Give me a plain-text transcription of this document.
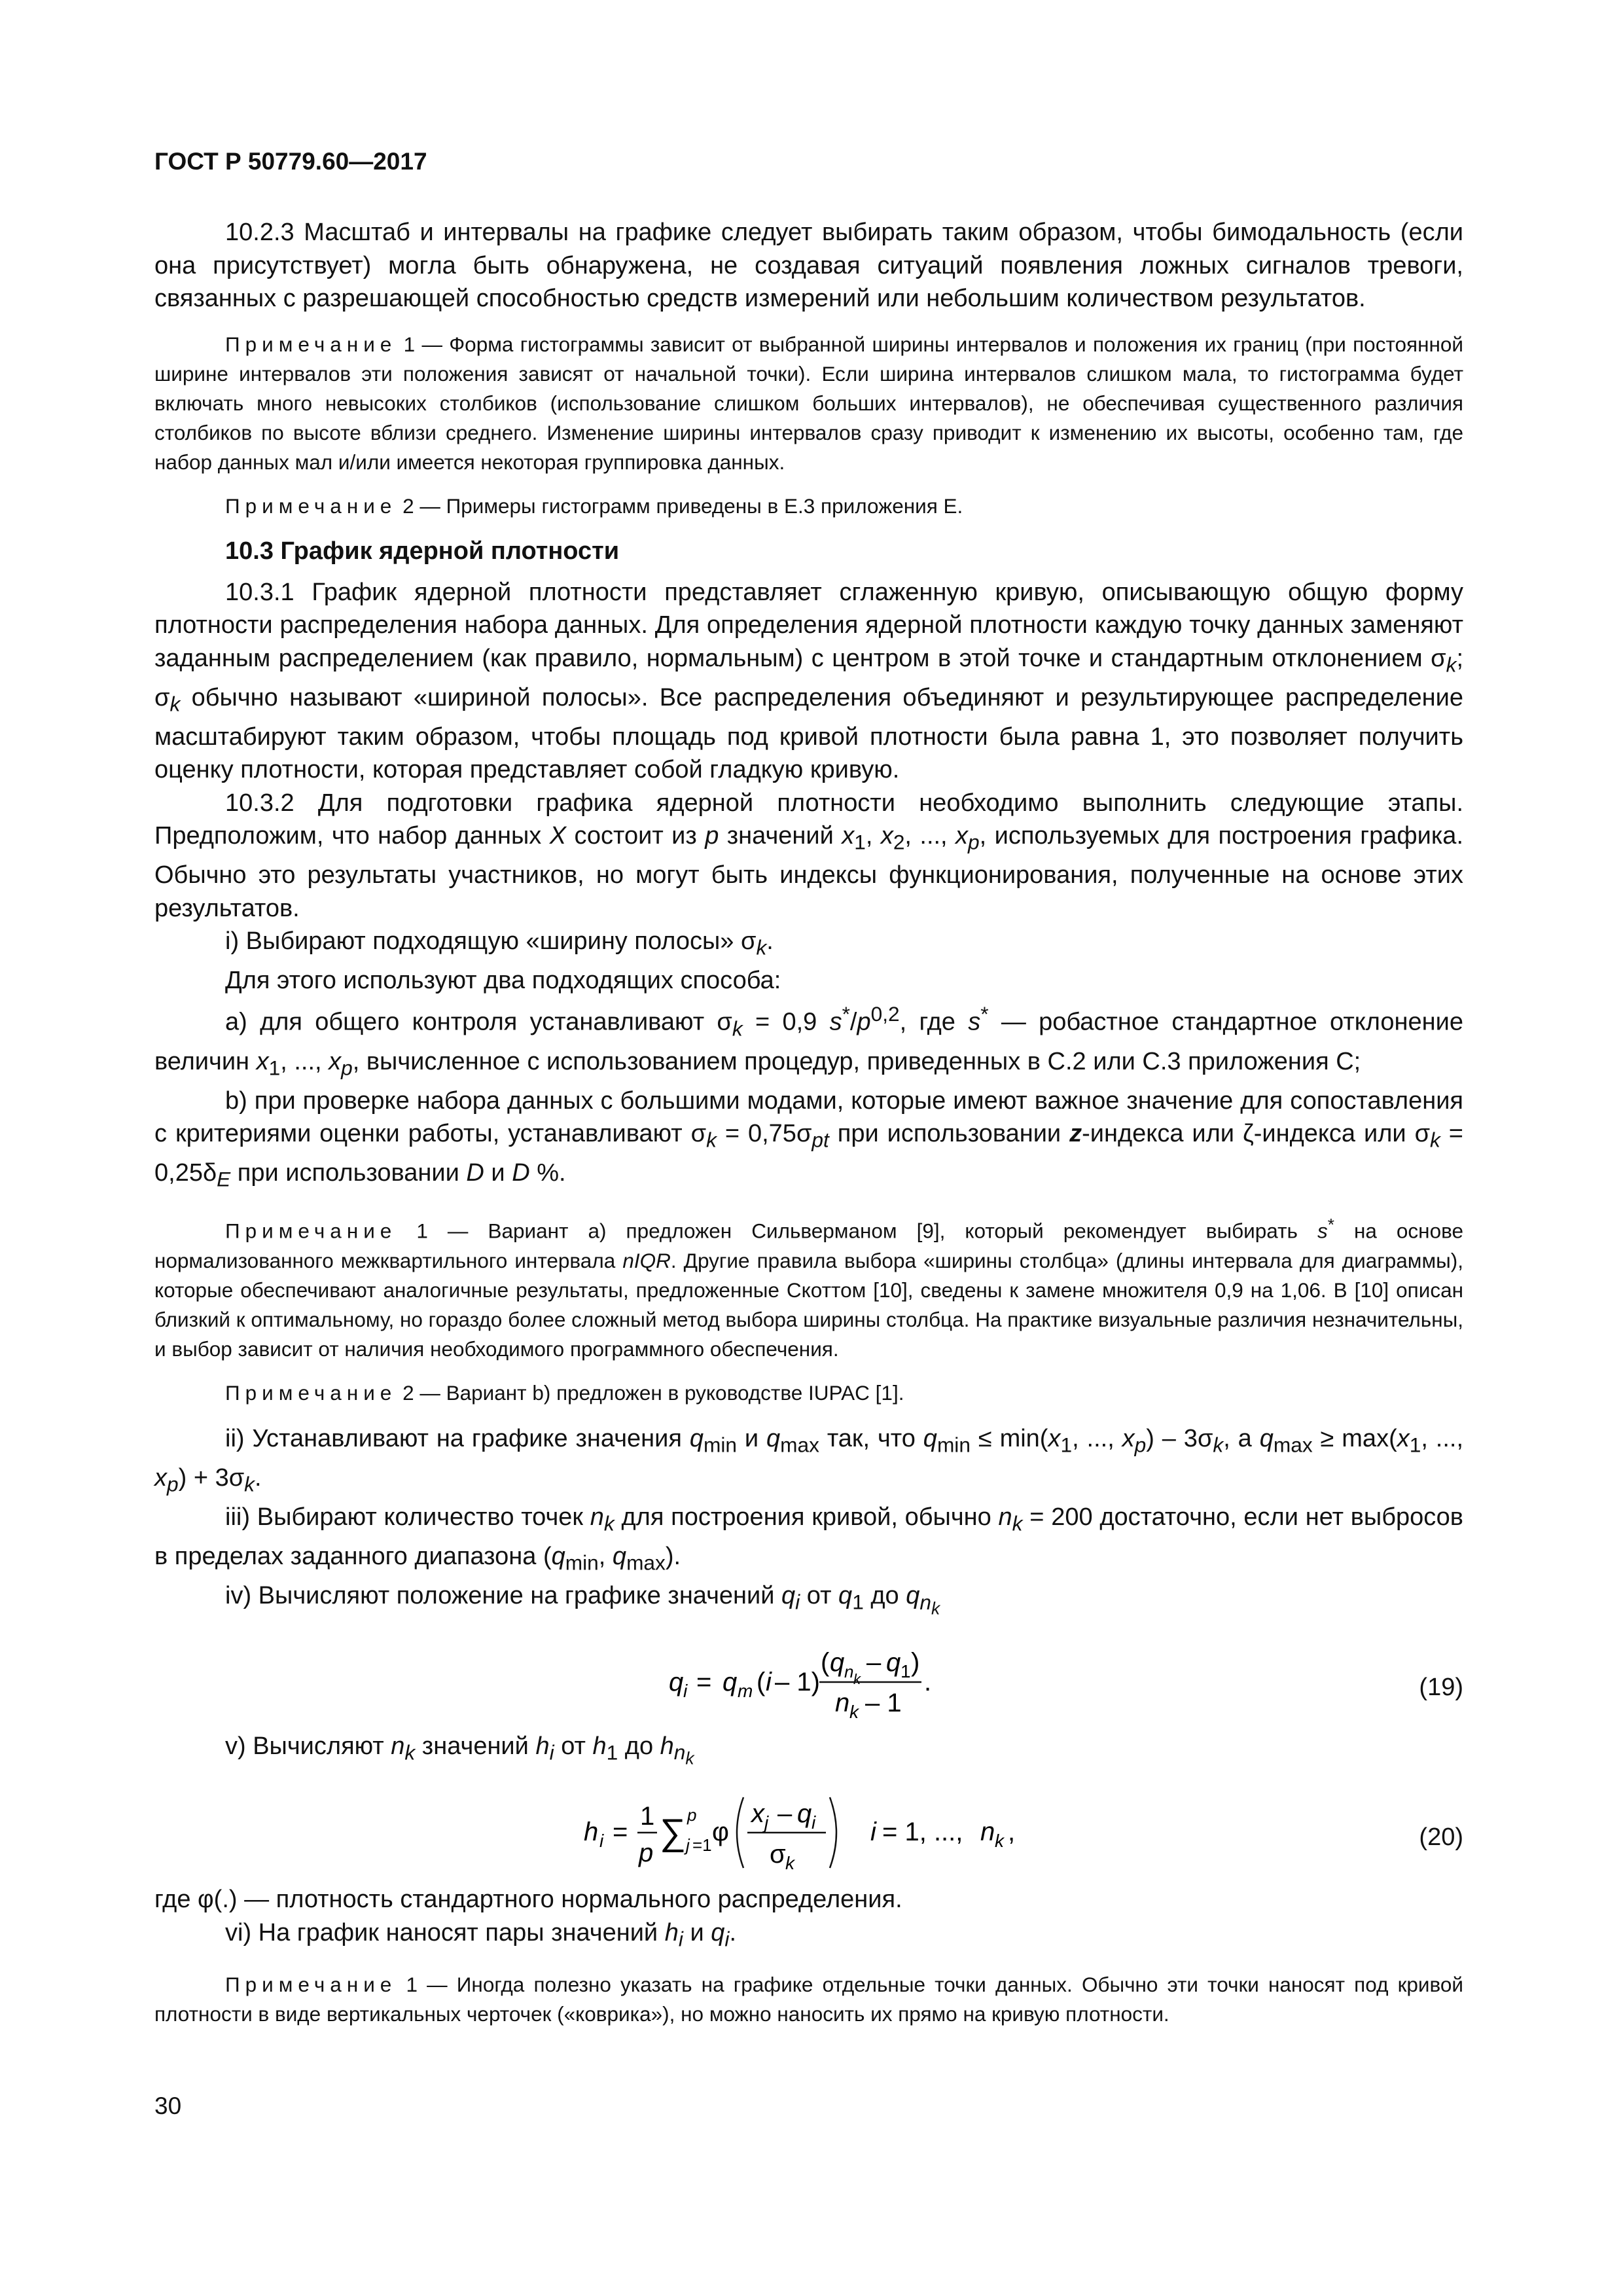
ГОСТ Р 50779.60—2017

10.2.3 Масштаб и интервалы на графике следует выбирать таким образом, чтобы бимодальность (если она присутствует) могла быть обнаружена, не создавая ситуаций появления ложных сигналов тревоги, связанных с разрешающей способностью средств измерений или небольшим количеством результатов.

Примечание 1 — Форма гистограммы зависит от выбранной ширины интервалов и положения их границ (при постоянной ширине интервалов эти положения зависят от начальной точки). Если ширина интервалов слишком мала, то гистограмма будет включать много невысоких столбиков (использование слишком больших интервалов), не обеспечивая существенного различия столбиков по высоте вблизи среднего. Изменение ширины интервалов сразу приводит к изменению их высоты, особенно там, где набор данных мал и/или имеется некоторая группировка данных.

Примечание 2 — Примеры гистограмм приведены в Е.3 приложения Е.

10.3 График ядерной плотности

10.3.1 График ядерной плотности представляет сглаженную кривую, описывающую общую форму плотности распределения набора данных. Для определения ядерной плотности каждую точку данных заменяют заданным распределением (как правило, нормальным) с центром в этой точке и стандартным отклонением $\sigma_k$; $\sigma_k$ обычно называют «шириной полосы». Все распределения объединяют и результирующее распределение масштабируют таким образом, чтобы площадь под кривой плотности была равна 1, это позволяет получить оценку плотности, которая представляет собой гладкую кривую.

10.3.2 Для подготовки графика ядерной плотности необходимо выполнить следующие этапы. Предположим, что набор данных X состоит из p значений $x_1$, $x_2$, ..., $x_p$, используемых для построения графика. Обычно это результаты участников, но могут быть индексы функционирования, полученные на основе этих результатов.

i) Выбирают подходящую «ширину полосы» $\sigma_k$.

Для этого используют два подходящих способа:

a) для общего контроля устанавливают $\sigma_k = 0,9$ $s^*/p^{0,2}$, где s* — робастное стандартное отклонение величин $x_1$, ..., $x_p$, вычисленное с использованием процедур, приведенных в С.2 или С.3 приложения С;

b) при проверке набора данных с большими модами, которые имеют важное значение для сопоставления с критериями оценки работы, устанавливают $\sigma_k = 0,75\sigma_{pt}$ при использовании z-индекса или ζ-индекса или $\sigma_k = 0,25\delta_E$ при использовании D и D %.

Примечание 1 — Вариант а) предложен Сильверманом [9], который рекомендует выбирать s* на основе нормализованного межквартильного интервала nIQR. Другие правила выбора «ширины столбца» (длины интервала для диаграммы), которые обеспечивают аналогичные результаты, предложенные Скоттом [10], сведены к замене множителя 0,9 на 1,06. В [10] описан близкий к оптимальному, но гораздо более сложный метод выбора ширины столбца. На практике визуальные различия незначительны, и выбор зависит от наличия необходимого программного обеспечения.

Примечание 2 — Вариант b) предложен в руководстве IUPAC [1].

ii) Устанавливают на графике значения $q_{min}$ и $q_{max}$ так, что $q_{min} \le \min(x_1$, ..., $x_p) - 3\sigma_k$, а $q_{max} \ge \max(x_1$, ..., $x_p) + 3\sigma_k$.

iii) Выбирают количество точек $n_k$ для построения кривой, обычно $n_k = 200$ достаточно, если нет выбросов в пределах заданного диапазона ($q_{min}$, $q_{max}$).

iv) Вычисляют положение на графике значений $q_i$ от $q_1$ до $q_{n_k}$

q i = q m ( i – 1)
( q n k
– q 1 )
n k – 1
.	(19)

v) Вычисляют $n_k$ значений $h_i$ от $h_1$ до $h_{n_k}$

h i =
1
p
∑ p
j =1 φ
x j – q i
σ k
i = 1, ..., n k ,	(20)

где φ(.) — плотность стандартного нормального распределения.

vi) На график наносят пары значений $h_i$ и $q_i$.

Примечание 1 — Иногда полезно указать на графике отдельные точки данных. Обычно эти точки наносят под кривой плотности в виде вертикальных черточек («коврика»), но можно наносить их прямо на кривую плотности.

30
